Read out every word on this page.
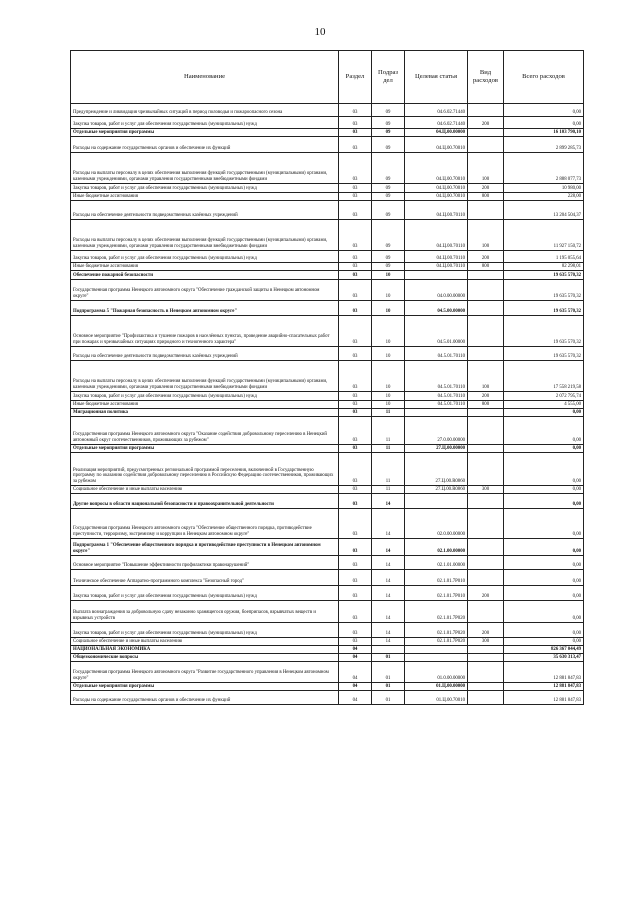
10
Наименование	Раздел	Подраз дел	Целевая статья	Вид расходов	Всего расходов
Предупреждение и ликвидация чрезвычайных ситуаций в период половодья и пожароопасного сезона	03	09	04.6.02.71440		0,00
Закупка товаров, работ и услуг для обеспечения государственных (муниципальных) нужд	03	09	04.6.02.71440	200	0,00
Отдельные мероприятия программы	03	09	04.Ц.00.00000		16 103 790,10
Расходы на содержание государственных органов и обеспечение их функций	03	09	04.Ц.00.70010		2 899 285,73
Расходы на выплаты персоналу в целях обеспечения выполнения функций государственными (муниципальными) органами, казенными учреждениями, органами управления государственными внебюджетными фондами	03	09	04.Ц.00.70010	100	2 888 077,73
Закупка товаров, работ и услуг для обеспечения государственных (муниципальных) нужд	03	09	04.Ц.00.70010	200	10 980,00
Иные бюджетные ассигнования	03	09	04.Ц.00.70010	800	228,00
Расходы на обеспечение деятельности подведомственных казённых учреждений	03	09	04.Ц.00.70110		13 204 504,37
Расходы на выплаты персоналу в целях обеспечения выполнения функций государственными (муниципальными) органами, казенными учреждениями, органами управления государственными внебюджетными фондами	03	09	04.Ц.00.70110	100	11 927 150,72
Закупка товаров, работ и услуг для обеспечения государственных (муниципальных) нужд	03	09	04.Ц.00.70110	200	1 195 055,64
Иные бюджетные ассигнования	03	09	04.Ц.00.70110	800	82 298,01
Обеспечение пожарной безопасности	03	10			19 635 570,32
Государственная программа Ненецкого автономного округа "Обеспечение гражданской защиты в Ненецком автономном округе"	03	10	04.0.00.00000		19 635 570,32
Подпрограмма 5 "Пожарная безопасность в Ненецком автономном округе"	03	10	04.5.00.00000		19 635 570,32
Основное мероприятие "Профилактика и тушение пожаров в населённых пунктах, проведение аварийно-спасательных работ при пожарах и чрезвычайных ситуациях природного и техногенного характера"	03	10	04.5.01.00000		19 635 570,32
Расходы на обеспечение деятельности подведомственных казённых учреждений	03	10	04.5.01.70110		19 635 570,32
Расходы на выплаты персоналу в целях обеспечения выполнения функций государственными (муниципальными) органами, казенными учреждениями, органами управления государственными внебюджетными фондами	03	10	04.5.01.70110	100	17 558 219,58
Закупка товаров, работ и услуг для обеспечения государственных (муниципальных) нужд	03	10	04.5.01.70110	200	2 072 795,74
Иные бюджетные ассигнования	03	10	04.5.01.70110	800	4 555,00
Миграционная политика	03	11			0,00
Государственная программа Ненецкого автономного округа "Оказание содействия добровольному переселению в Ненецкий автономный округ соотечественников, проживающих за рубежом"	03	11	27.0.00.00000		0,00
Отдельные мероприятия программы	03	11	27.Ц.00.00000		0,00
Реализация мероприятий, предусмотренных региональной программой переселения, включенной в Государственную программу по оказанию содействия добровольному переселению в Российскую Федерацию соотечественников, проживающих за рубежом	03	11	27.Ц.00.R0860		0,00
Социальное обеспечение и иные выплаты населению	03	11	27.Ц.00.R0860	300	0,00
Другие вопросы в области национальной безопасности и правоохранительной деятельности	03	14			0,00
Государственная программа Ненецкого автономного округа "Обеспечение общественного порядка, противодействие преступности, терроризму, экстремизму и коррупции в Ненецком автономном округе"	03	14	02.0.00.00000		0,00
Подпрограмма 1 "Обеспечение общественного порядка и противодействие преступности в Ненецком автономном округе"	03	14	02.1.00.00000		0,00
Основное мероприятие "Повышение эффективности профилактики правонарушений"	03	14	02.1.01.00000		0,00
Техническое обеспечение Аппаратно-программного комплекса "Безопасный город"	03	14	02.1.01.7P010		0,00
Закупка товаров, работ и услуг для обеспечения государственных (муниципальных) нужд	03	14	02.1.01.7P010	200	0,00
Выплата вознаграждения за добровольную сдачу незаконно хранящегося оружия, боеприпасов, взрывчатых веществ и взрывных устройств	03	14	02.1.01.7P020		0,00
Закупка товаров, работ и услуг для обеспечения государственных (муниципальных) нужд	03	14	02.1.01.7P020	200	0,00
Социальное обеспечение и иные выплаты населению	03	14	02.1.01.7P020	300	0,00
НАЦИОНАЛЬНАЯ ЭКОНОМИКА	04				826 367 044,49
Общеэкономические вопросы	04	01			35 630 313,47
Государственная программа Ненецкого автономного округа "Развитие государственного управления в Ненецком автономном округе"	04	01	01.0.00.00000		12 881 847,83
Отдельные мероприятия программы	04	01	01.Ц.00.00000		12 881 847,83
Расходы на содержание государственных органов и обеспечение их функций	04	01	01.Ц.00.70010		12 881 847,83
